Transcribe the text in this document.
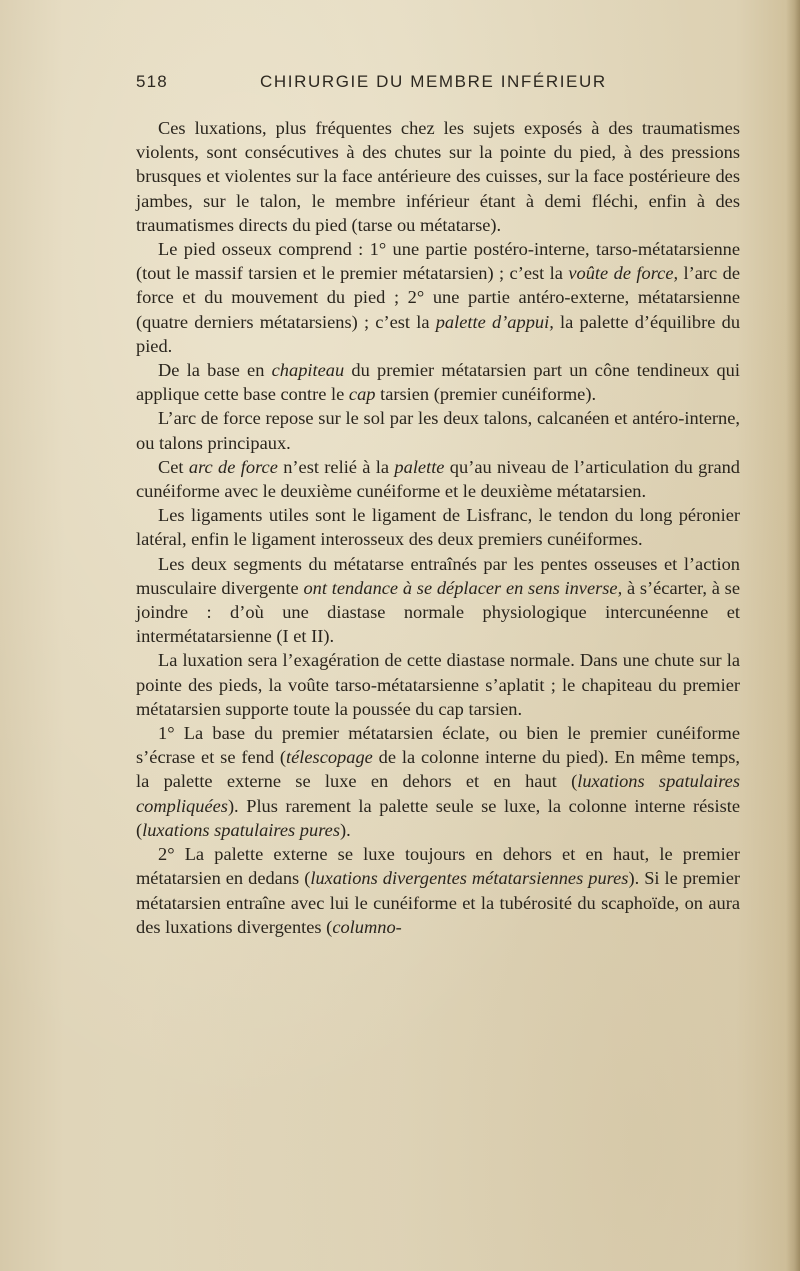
518	CHIRURGIE DU MEMBRE INFÉRIEUR

Ces luxations, plus fréquentes chez les sujets exposés à des traumatismes violents, sont consécutives à des chutes sur la pointe du pied, à des pressions brusques et violentes sur la face antérieure des cuisses, sur la face postérieure des jambes, sur le talon, le membre inférieur étant à demi fléchi, enfin à des traumatismes directs du pied (tarse ou métatarse).

Le pied osseux comprend : 1° une partie postéro-interne, tarso-métatarsienne (tout le massif tarsien et le premier métatarsien) ; c’est la voûte de force, l’arc de force et du mouvement du pied ; 2° une partie antéro-externe, métatarsienne (quatre derniers métatarsiens) ; c’est la palette d’appui, la palette d’équilibre du pied.

De la base en chapiteau du premier métatarsien part un cône tendineux qui applique cette base contre le cap tarsien (premier cunéiforme).

L’arc de force repose sur le sol par les deux talons, calcanéen et antéro-interne, ou talons principaux.

Cet arc de force n’est relié à la palette qu’au niveau de l’articulation du grand cunéiforme avec le deuxième cunéiforme et le deuxième métatarsien.

Les ligaments utiles sont le ligament de Lisfranc, le tendon du long péronier latéral, enfin le ligament interosseux des deux premiers cunéiformes.

Les deux segments du métatarse entraînés par les pentes osseuses et l’action musculaire divergente ont tendance à se déplacer en sens inverse, à s’écarter, à se joindre : d’où une diastase normale physiologique intercunéenne et intermétatarsienne (I et II).

La luxation sera l’exagération de cette diastase normale. Dans une chute sur la pointe des pieds, la voûte tarso-métatarsienne s’aplatit ; le chapiteau du premier métatarsien supporte toute la poussée du cap tarsien.

1° La base du premier métatarsien éclate, ou bien le premier cunéiforme s’écrase et se fend (télescopage de la colonne interne du pied). En même temps, la palette externe se luxe en dehors et en haut (luxations spatulaires compliquées). Plus rarement la palette seule se luxe, la colonne interne résiste (luxations spatulaires pures).

2° La palette externe se luxe toujours en dehors et en haut, le premier métatarsien en dedans (luxations divergentes métatarsiennes pures). Si le premier métatarsien entraîne avec lui le cunéiforme et la tubérosité du scaphoïde, on aura des luxations divergentes (columno-
